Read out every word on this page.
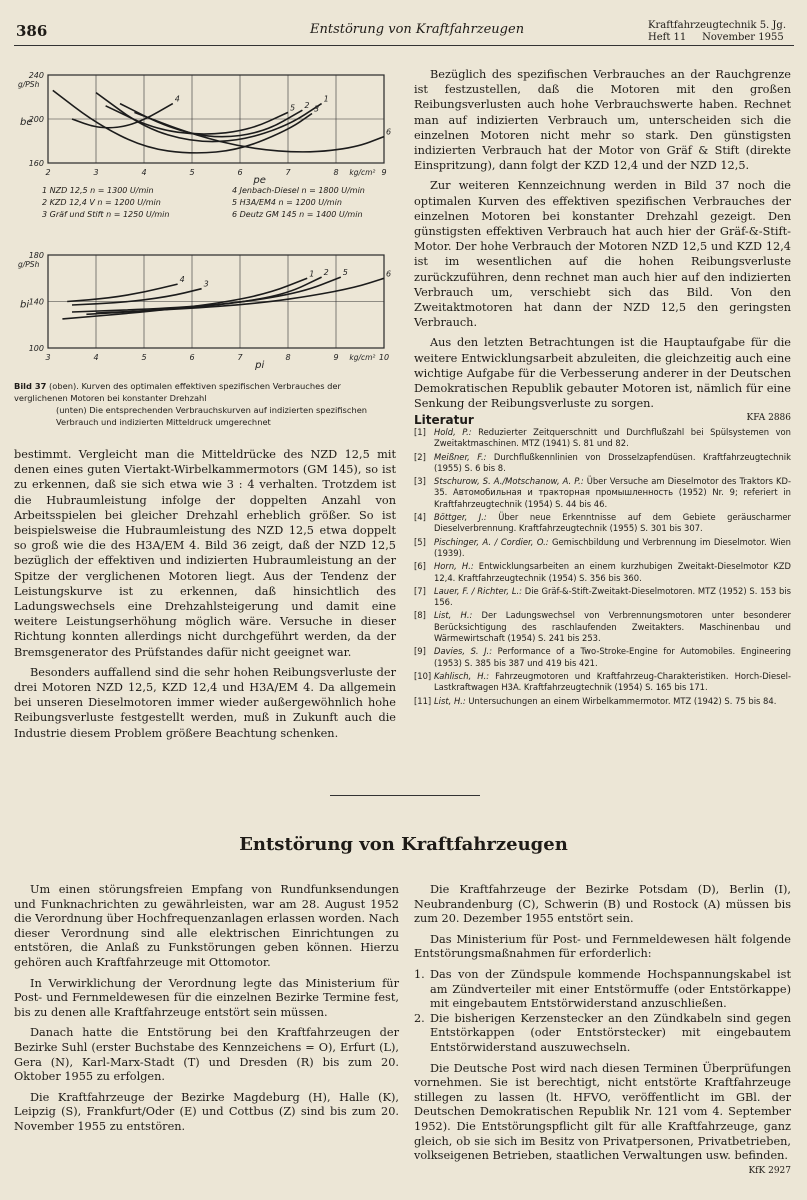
386	Entstörung von Kraftfahrzeugen	Kraftfahrzeugtechnik 5. Jg.
Heft 11     November 1955
2	3	4	5	6	7	8 kg/cm² 9
240
200
160
g/PSh
be
pe
1
2 3
4
5
6
1 NZD 12,5 n = 1300 U/min
2 KZD 12,4 V n = 1200 U/min
3 Gräf und Stift n = 1250 U/min
4 Jenbach-Diesel n = 1800 U/min
5 H3A/EM4 n = 1200 U/min
6 Deutz GM 145 n = 1400 U/min
3	4	5	6	7	8	9 kg/cm² 10
180
140
100
g/PSh
bi
pi
1 2
3
4
5	6
Bild 37 (oben). Kurven des optimalen effektiven spezifischen Verbrauches der verglichenen Motoren bei konstanter Drehzahl
(unten) Die entsprechenden Verbrauchskurven auf indizierten spezifischen Verbrauch und indizierten Mitteldruck umgerechnet

bestimmt. Vergleicht man die Mitteldrücke des NZD 12,5 mit denen eines guten Viertakt-Wirbelkammermotors (GM 145), so ist zu erkennen, daß sie sich etwa wie 3 : 4 verhalten. Trotzdem ist die Hubraumleistung infolge der doppelten Anzahl von Arbeitsspielen bei gleicher Drehzahl erheblich größer. So ist beispielsweise die Hubraumleistung des NZD 12,5 etwa doppelt so groß wie die des H3A/EM 4. Bild 36 zeigt, daß der NZD 12,5 bezüglich der effektiven und indizierten Hubraumleistung an der Spitze der verglichenen Motoren liegt. Aus der Tendenz der Leistungskurve ist zu erkennen, daß hinsichtlich des Ladungswechsels eine Drehzahlsteigerung und damit eine weitere Leistungserhöhung möglich wäre. Versuche in dieser Richtung konnten allerdings nicht durchgeführt werden, da der Bremsgenerator des Prüfstandes dafür nicht geeignet war.

Besonders auffallend sind die sehr hohen Reibungsverluste der drei Motoren NZD 12,5, KZD 12,4 und H3A/EM 4. Da allgemein bei unseren Dieselmotoren immer wieder außergewöhnlich hohe Reibungsverluste festgestellt werden, muß in Zukunft auch die Industrie diesem Problem größere Beachtung schenken.

Bezüglich des spezifischen Verbrauches an der Rauchgrenze ist festzustellen, daß die Motoren mit den großen Reibungsverlusten auch hohe Verbrauchswerte haben. Rechnet man auf indizierten Verbrauch um, unterscheiden sich die einzelnen Motoren nicht mehr so stark. Den günstigsten indizierten Verbrauch hat der Motor von Gräf & Stift (direkte Einspritzung), dann folgt der KZD 12,4 und der NZD 12,5.

Zur weiteren Kennzeichnung werden in Bild 37 noch die optimalen Kurven des effektiven spezifischen Verbrauches der einzelnen Motoren bei konstanter Drehzahl gezeigt. Den günstigsten effektiven Verbrauch hat auch hier der Gräf-&-Stift-Motor. Der hohe Verbrauch der Motoren NZD 12,5 und KZD 12,4 ist im wesentlichen auf die hohen Reibungsverluste zurückzuführen, denn rechnet man auch hier auf den indizierten Verbrauch um, verschiebt sich das Bild. Von den Zweitaktmotoren hat dann der NZD 12,5 den geringsten Verbrauch.

Aus den letzten Betrachtungen ist die Hauptaufgabe für die weitere Entwicklungsarbeit abzuleiten, die gleichzeitig auch eine wichtige Aufgabe für die Verbesserung anderer in der Deutschen Demokratischen Republik gebauter Motoren ist, nämlich für eine Senkung der Reibungsverluste zu sorgen.

KFA 2886
Literatur
[1] Hold, P.: Reduzierter Zeitquerschnitt und Durchflußzahl bei Spülsystemen von Zweitaktmaschinen. MTZ (1941) S. 81 und 82.
[2] Meißner, F.: Durchflußkennlinien von Drosselzapfendüsen. Kraftfahrzeugtechnik (1955) S. 6 bis 8.
[3] Stschurow, S. A./Motschanow, A. P.: Über Versuche am Dieselmotor des Traktors KD-35. Автомобильная и тракторная промышленность (1952) Nr. 9; referiert in Kraftfahrzeugtechnik (1954) S. 44 bis 46.
[4] Böttger, J.: Über neue Erkenntnisse auf dem Gebiete geräuscharmer Dieselverbrennung. Kraftfahrzeugtechnik (1955) S. 301 bis 307.
[5] Pischinger, A. / Cordier, O.: Gemischbildung und Verbrennung im Dieselmotor. Wien (1939).
[6] Horn, H.: Entwicklungsarbeiten an einem kurzhubigen Zweitakt-Dieselmotor KZD 12,4. Kraftfahrzeugtechnik (1954) S. 356 bis 360.
[7] Lauer, F. / Richter, L.: Die Gräf-&-Stift-Zweitakt-Dieselmotoren. MTZ (1952) S. 153 bis 156.
[8] List, H.: Der Ladungswechsel von Verbrennungsmotoren unter besonderer Berücksichtigung des raschlaufenden Zweitakters. Maschinenbau und Wärmewirtschaft (1954) S. 241 bis 253.
[9] Davies, S. J.: Performance of a Two-Stroke-Engine for Automobiles. Engineering (1953) S. 385 bis 387 und 419 bis 421.
[10] Kahlisch, H.: Fahrzeugmotoren und Kraftfahrzeug-Charakteristiken. Horch-Diesel-Lastkraftwagen H3A. Kraftfahrzeugtechnik (1954) S. 165 bis 171.
[11] List, H.: Untersuchungen an einem Wirbelkammermotor. MTZ (1942) S. 75 bis 84.
Entstörung von Kraftfahrzeugen

Um einen störungsfreien Empfang von Rundfunksendungen und Funknachrichten zu gewährleisten, war am 28. August 1952 die Verordnung über Hochfrequenzanlagen erlassen worden. Nach dieser Verordnung sind alle elektrischen Einrichtungen zu entstören, die Anlaß zu Funkstörungen geben können. Hierzu gehören auch Kraftfahrzeuge mit Ottomotor.

In Verwirklichung der Verordnung legte das Ministerium für Post- und Fernmeldewesen für die einzelnen Bezirke Termine fest, bis zu denen alle Kraftfahrzeuge entstört sein müssen.

Danach hatte die Entstörung bei den Kraftfahrzeugen der Bezirke Suhl (erster Buchstabe des Kennzeichens = O), Erfurt (L), Gera (N), Karl-Marx-Stadt (T) und Dresden (R) bis zum 20. Oktober 1955 zu erfolgen.

Die Kraftfahrzeuge der Bezirke Magdeburg (H), Halle (K), Leipzig (S), Frankfurt/Oder (E) und Cottbus (Z) sind bis zum 20. November 1955 zu entstören.

Die Kraftfahrzeuge der Bezirke Potsdam (D), Berlin (I), Neubrandenburg (C), Schwerin (B) und Rostock (A) müssen bis zum 20. Dezember 1955 entstört sein.

Das Ministerium für Post- und Fernmeldewesen hält folgende Entstörungsmaßnahmen für erforderlich:

1. Das von der Zündspule kommende Hochspannungskabel ist am Zündverteiler mit einer Entstörmuffe (oder Entstörkappe) mit eingebautem Entstörwiderstand anzuschließen.
2. Die bisherigen Kerzenstecker an den Zündkabeln sind gegen Entstörkappen (oder Entstörstecker) mit eingebautem Entstörwiderstand auszuwechseln.

Die Deutsche Post wird nach diesen Terminen Überprüfungen vornehmen. Sie ist berechtigt, nicht entstörte Kraftfahrzeuge stillegen zu lassen (lt. HFVO, veröffentlicht im GBl. der Deutschen Demokratischen Republik Nr. 121 vom 4. September 1952). Die Entstörungspflicht gilt für alle Kraftfahrzeuge, ganz gleich, ob sie sich im Besitz von Privatpersonen, Privatbetrieben, volkseigenen Betrieben, staatlichen Verwaltungen usw. befinden.

KfK 2927
